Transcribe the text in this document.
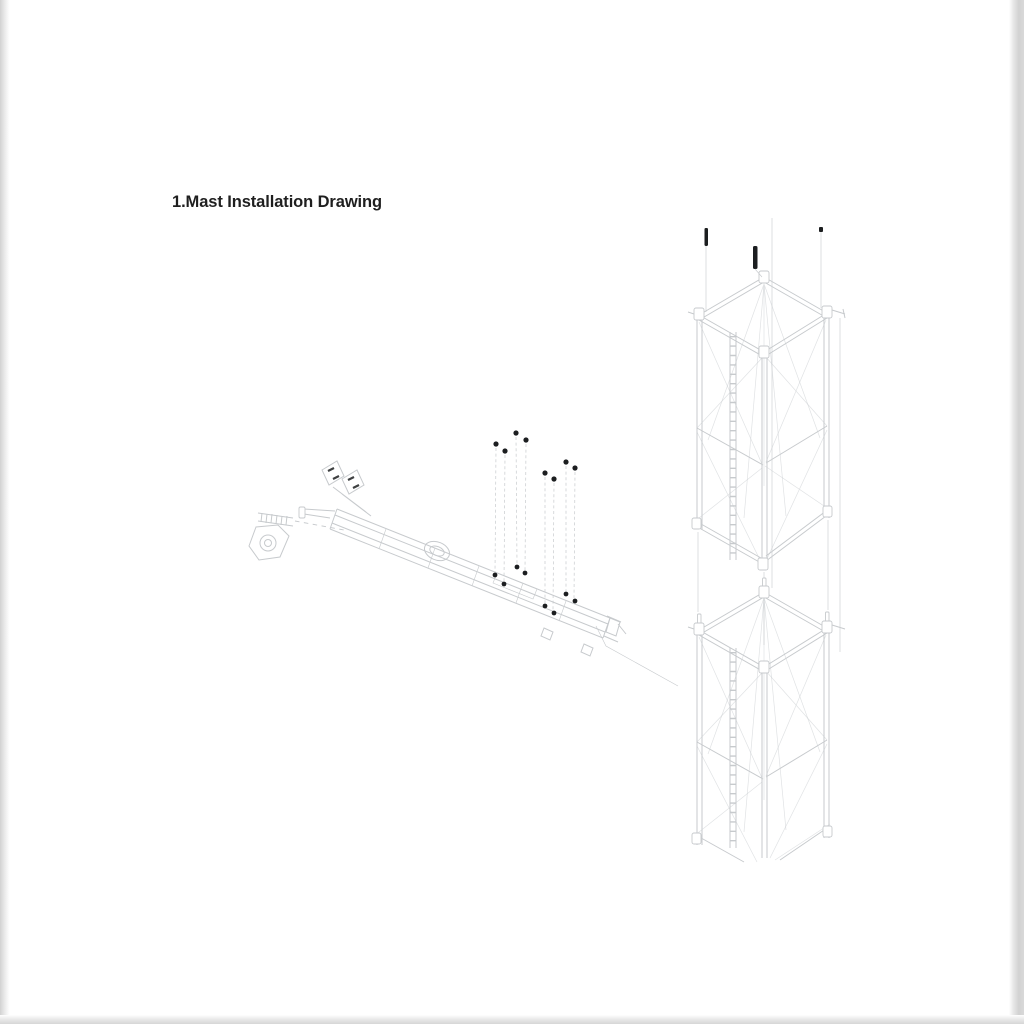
1.Mast Installation Drawing
